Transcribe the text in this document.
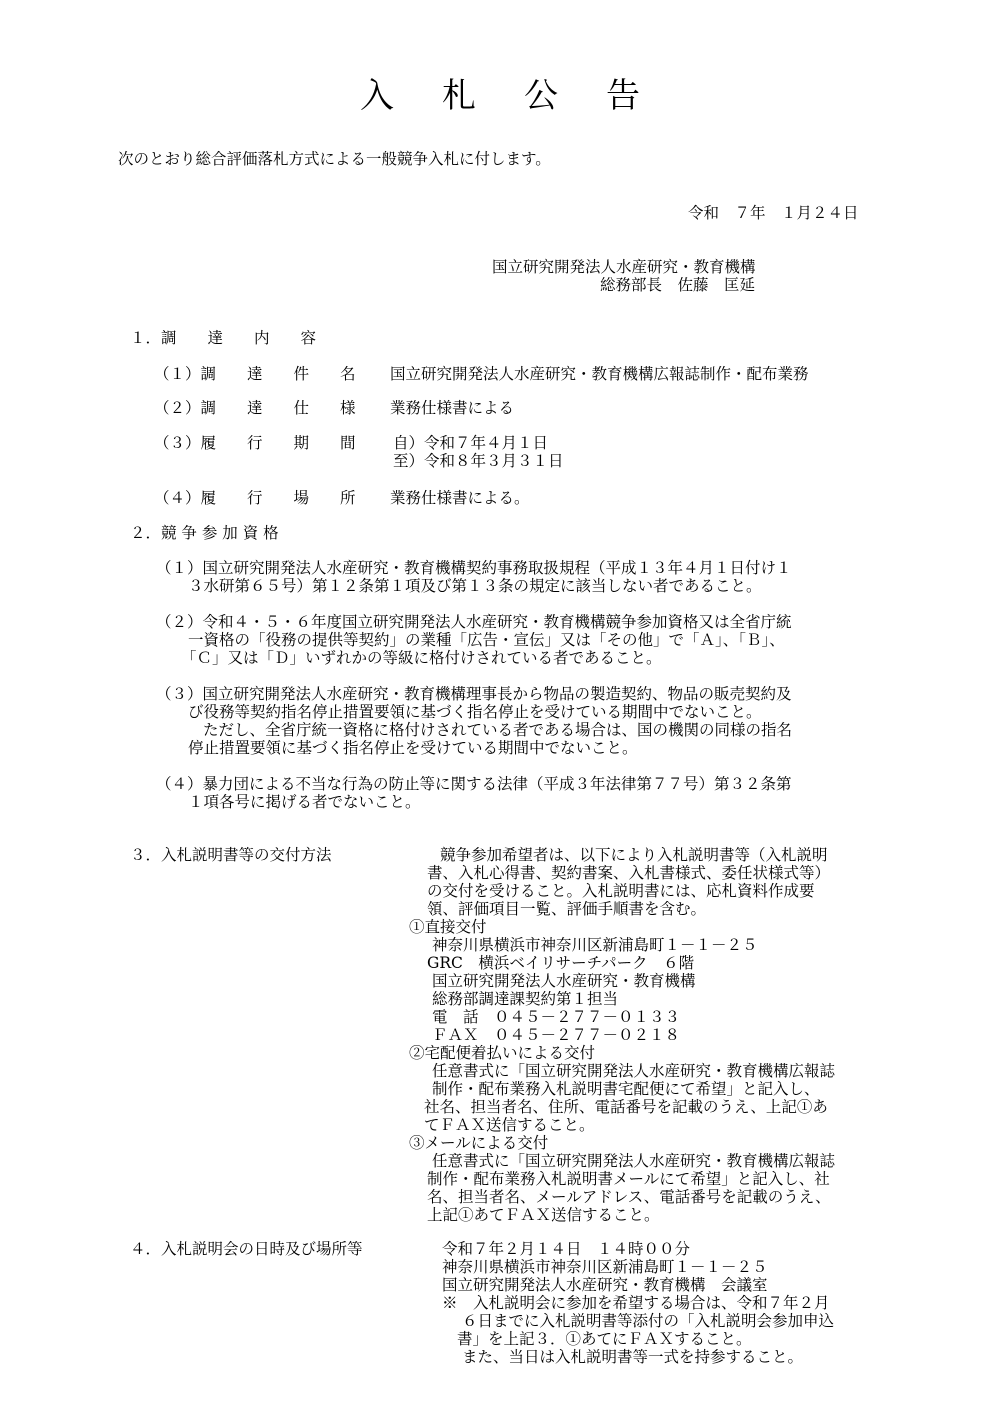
入札公告
次のとおり総合評価落札方式による一般競争入札に付します。
令和　７年　１月２４日
国立研究開発法人水産研究・教育機構
総務部長　佐藤　匡延
１．調　　達　　内　　容
（１）調　　達　　件　　名 国立研究開発法人水産研究・教育機構広報誌制作・配布業務
（２）調　　達　　仕　　様 業務仕様書による
（３）履　　行　　期　　間 自）令和７年４月１日
至）令和８年３月３１日
（４）履　　行　　場　　所 業務仕様書による。
２．競 争 参 加 資 格
（１）国立研究開発法人水産研究・教育機構契約事務取扱規程（平成１３年４月１日付け１
３水研第６５号）第１２条第１項及び第１３条の規定に該当しない者であること。
（２）令和４・５・６年度国立研究開発法人水産研究・教育機構競争参加資格又は全省庁統
一資格の「役務の提供等契約」の業種「広告・宣伝」又は「その他」で「Ａ」、「Ｂ」、
「Ｃ」又は「Ｄ」いずれかの等級に格付けされている者であること。
（３）国立研究開発法人水産研究・教育機構理事長から物品の製造契約、物品の販売契約及
び役務等契約指名停止措置要領に基づく指名停止を受けている期間中でないこと。
ただし、全省庁統一資格に格付けされている者である場合は、国の機関の同様の指名
停止措置要領に基づく指名停止を受けている期間中でないこと。
（４）暴力団による不当な行為の防止等に関する法律（平成３年法律第７７号）第３２条第
１項各号に掲げる者でないこと。
３．入札説明書等の交付方法	競争参加希望者は、以下により入札説明書等（入札説明
書、入札心得書、契約書案、入札書様式、委任状様式等）
の交付を受けること。入札説明書には、応札資料作成要
領、評価項目一覧、評価手順書を含む。
①直接交付
神奈川県横浜市神奈川区新浦島町１－１－２５
GRC　横浜ベイリサーチパーク　６階
国立研究開発法人水産研究・教育機構
総務部調達課契約第１担当
電　話　０４５－２７７－０１３３
ＦＡＸ　０４５－２７７－０２１８
②宅配便着払いによる交付
任意書式に「国立研究開発法人水産研究・教育機構広報誌
制作・配布業務入札説明書宅配便にて希望」と記入し、
社名、担当者名、住所、電話番号を記載のうえ、上記①あ
てＦＡＸ送信すること。
③メールによる交付
任意書式に「国立研究開発法人水産研究・教育機構広報誌
制作・配布業務入札説明書メールにて希望」と記入し、社
名、担当者名、メールアドレス、電話番号を記載のうえ、
上記①あてＦＡＸ送信すること。
４．入札説明会の日時及び場所等	令和７年２月１４日　１４時００分
神奈川県横浜市神奈川区新浦島町１－１－２５
国立研究開発法人水産研究・教育機構　会議室
※　入札説明会に参加を希望する場合は、令和７年２月
６日までに入札説明書等添付の「入札説明会参加申込
書」を上記３．①あてにＦＡＸすること。
また、当日は入札説明書等一式を持参すること。
